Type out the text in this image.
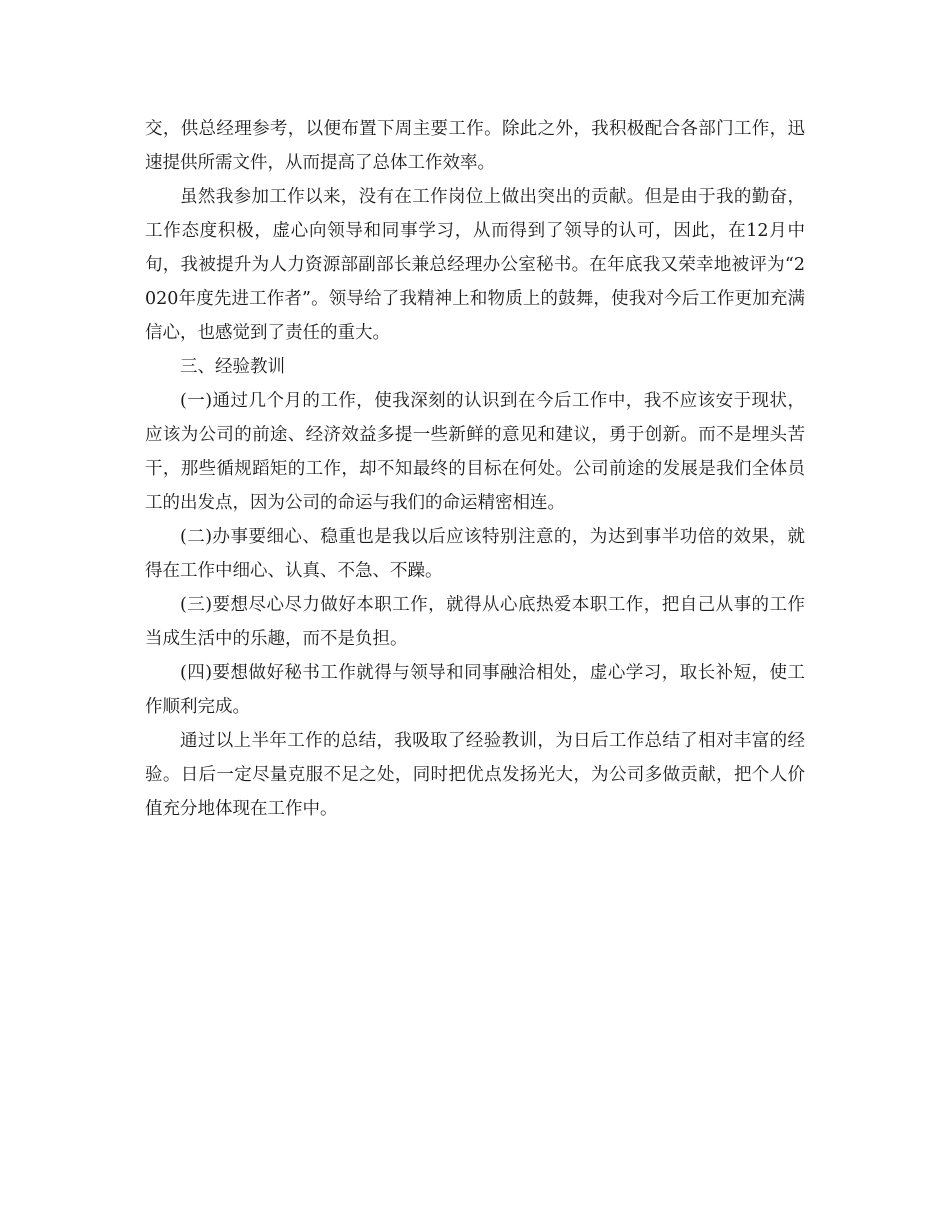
交，供总经理参考，以便布置下周主要工作。除此之外，我积极配合各部门工作，迅速提供所需文件，从而提高了总体工作效率。

虽然我参加工作以来，没有在工作岗位上做出突出的贡献。但是由于我的勤奋，工作态度积极，虚心向领导和同事学习，从而得到了领导的认可，因此，在12月中旬，我被提升为人力资源部副部长兼总经理办公室秘书。在年底我又荣幸地被评为“2020年度先进工作者”。领导给了我精神上和物质上的鼓舞，使我对今后工作更加充满信心，也感觉到了责任的重大。

三、经验教训

(一)通过几个月的工作，使我深刻的认识到在今后工作中，我不应该安于现状，应该为公司的前途、经济效益多提一些新鲜的意见和建议，勇于创新。而不是埋头苦干，那些循规蹈矩的工作，却不知最终的目标在何处。公司前途的发展是我们全体员工的出发点，因为公司的命运与我们的命运精密相连。

(二)办事要细心、稳重也是我以后应该特别注意的，为达到事半功倍的效果，就得在工作中细心、认真、不急、不躁。

(三)要想尽心尽力做好本职工作，就得从心底热爱本职工作，把自己从事的工作当成生活中的乐趣，而不是负担。

(四)要想做好秘书工作就得与领导和同事融洽相处，虚心学习，取长补短，使工作顺利完成。

通过以上半年工作的总结，我吸取了经验教训，为日后工作总结了相对丰富的经验。日后一定尽量克服不足之处，同时把优点发扬光大，为公司多做贡献，把个人价值充分地体现在工作中。
